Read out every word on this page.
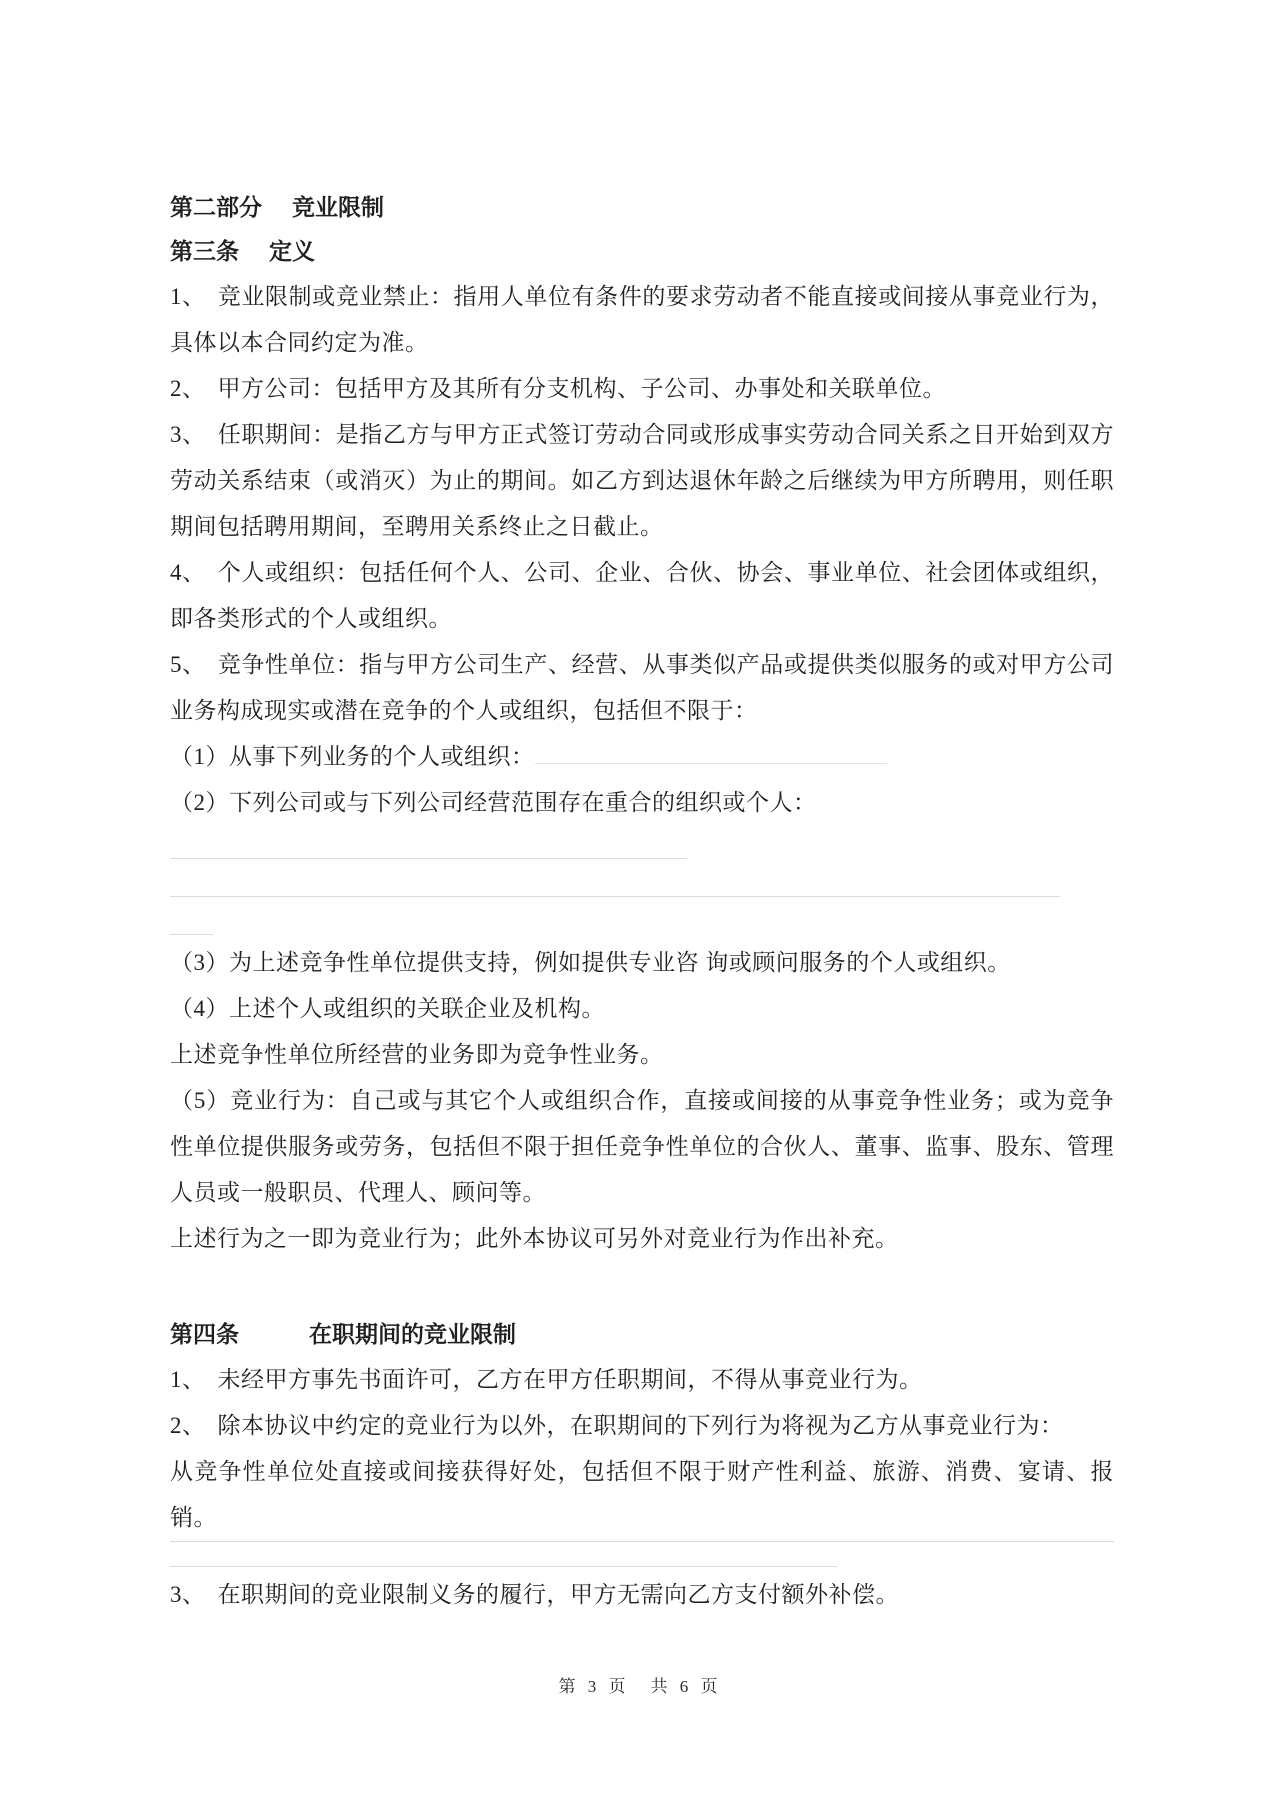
第二部分 竞业限制
第三条 定义

1、　竞业限制或竞业禁止：指用人单位有条件的要求劳动者不能直接或间接从事竞业行为，具体以本合同约定为准。

2、　甲方公司：包括甲方及其所有分支机构、子公司、办事处和关联单位。

3、　任职期间：是指乙方与甲方正式签订劳动合同或形成事实劳动合同关系之日开始到双方劳动关系结束（或消灭）为止的期间。如乙方到达退休年龄之后继续为甲方所聘用，则任职期间包括聘用期间，至聘用关系终止之日截止。

4、　个人或组织：包括任何个人、公司、企业、合伙、协会、事业单位、社会团体或组织，即各类形式的个人或组织。

5、　竞争性单位：指与甲方公司生产、经营、从事类似产品或提供类似服务的或对甲方公司业务构成现实或潜在竞争的个人或组织，包括但不限于：

（1）从事下列业务的个人或组织：

（2）下列公司或与下列公司经营范围存在重合的组织或个人：

（3）为上述竞争性单位提供支持，例如提供专业咨 询或顾问服务的个人或组织。

（4）上述个人或组织的关联企业及机构。

上述竞争性单位所经营的业务即为竞争性业务。

（5）竞业行为：自己或与其它个人或组织合作，直接或间接的从事竞争性业务；或为竞争性单位提供服务或劳务，包括但不限于担任竞争性单位的合伙人、董事、监事、股东、管理人员或一般职员、代理人、顾问等。

上述行为之一即为竞业行为；此外本协议可另外对竞业行为作出补充。

第四条	在职期间的竞业限制

1、　未经甲方事先书面许可，乙方在甲方任职期间，不得从事竞业行为。

2、　除本协议中约定的竞业行为以外，在职期间的下列行为将视为乙方从事竞业行为：

从竞争性单位处直接或间接获得好处，包括但不限于财产性利益、旅游、消费、宴请、报销。

3、　在职期间的竞业限制义务的履行，甲方无需向乙方支付额外补偿。

第 3 页　共 6 页
